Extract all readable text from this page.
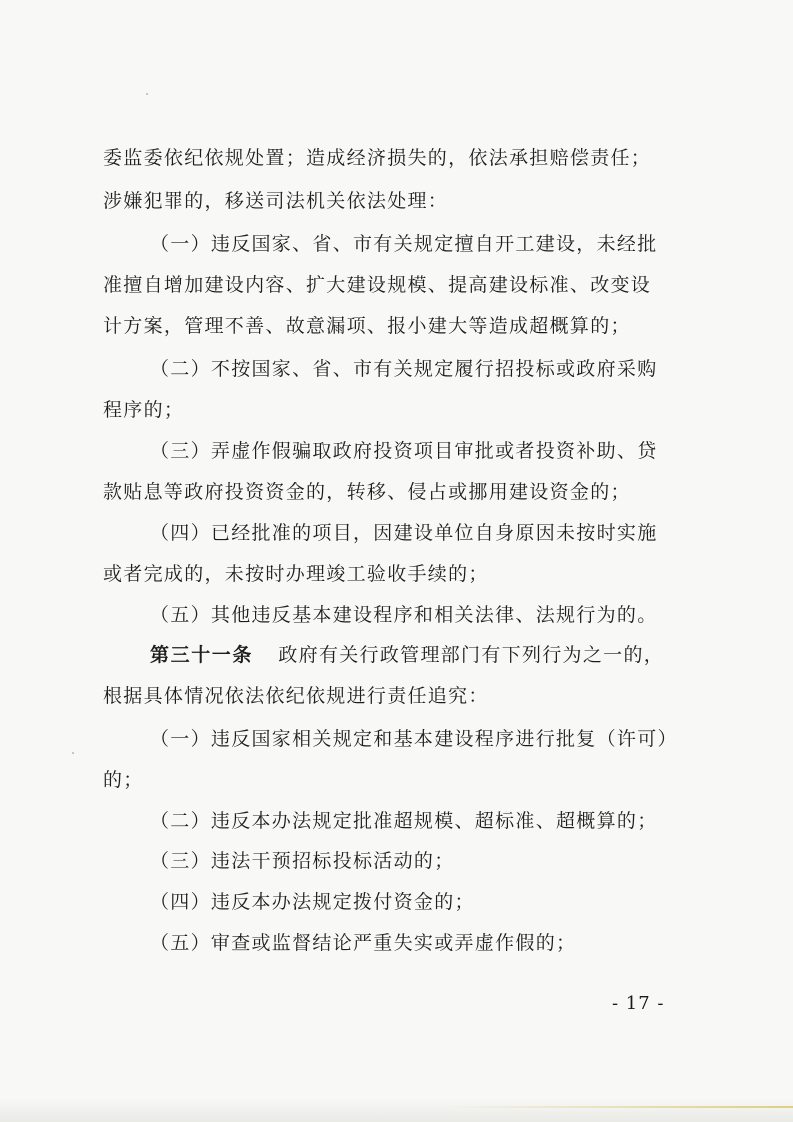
委监委依纪依规处置；造成经济损失的，依法承担赔偿责任；
涉嫌犯罪的，移送司法机关依法处理：
（一）违反国家、省、市有关规定擅自开工建设，未经批
准擅自增加建设内容、扩大建设规模、提高建设标准、改变设
计方案，管理不善、故意漏项、报小建大等造成超概算的；
（二）不按国家、省、市有关规定履行招投标或政府采购
程序的；
（三）弄虚作假骗取政府投资项目审批或者投资补助、贷
款贴息等政府投资资金的，转移、侵占或挪用建设资金的；
（四）已经批准的项目，因建设单位自身原因未按时实施
或者完成的，未按时办理竣工验收手续的；
（五）其他违反基本建设程序和相关法律、法规行为的。
第三十一条 政府有关行政管理部门有下列行为之一的，
根据具体情况依法依纪依规进行责任追究：
（一）违反国家相关规定和基本建设程序进行批复（许可）
的；
（二）违反本办法规定批准超规模、超标准、超概算的；
（三）违法干预招标投标活动的；
（四）违反本办法规定拨付资金的；
（五）审查或监督结论严重失实或弄虚作假的；
- 17 -
